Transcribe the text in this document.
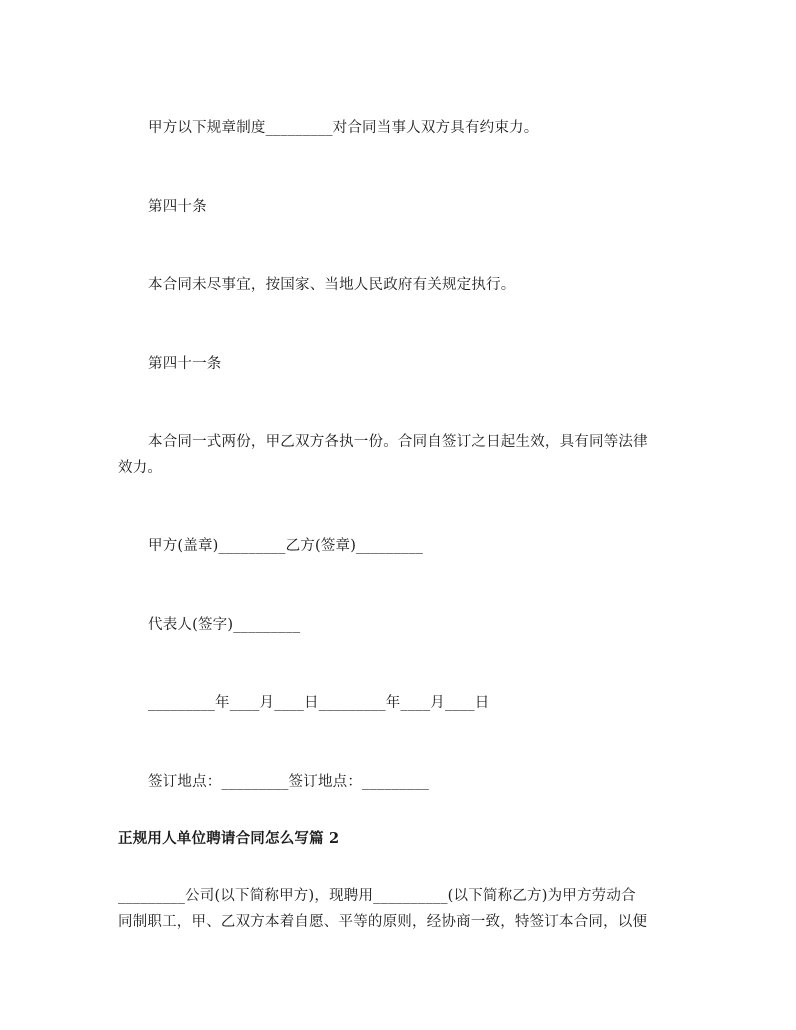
甲方以下规章制度_________对合同当事人双方具有约束力。
第四十条
本合同未尽事宜，按国家、当地人民政府有关规定执行。
第四十一条
本合同一式两份，甲乙双方各执一份。合同自签订之日起生效，具有同等法律
效力。
甲方(盖章)_________乙方(签章)_________
代表人(签字)_________
_________年____月____日_________年____月____日
签订地点：_________签订地点：_________
正规用人单位聘请合同怎么写篇 2
_________公司(以下简称甲方)，现聘用__________(以下简称乙方)为甲方劳动合
同制职工，甲、乙双方本着自愿、平等的原则，经协商一致，特签订本合同，以便
